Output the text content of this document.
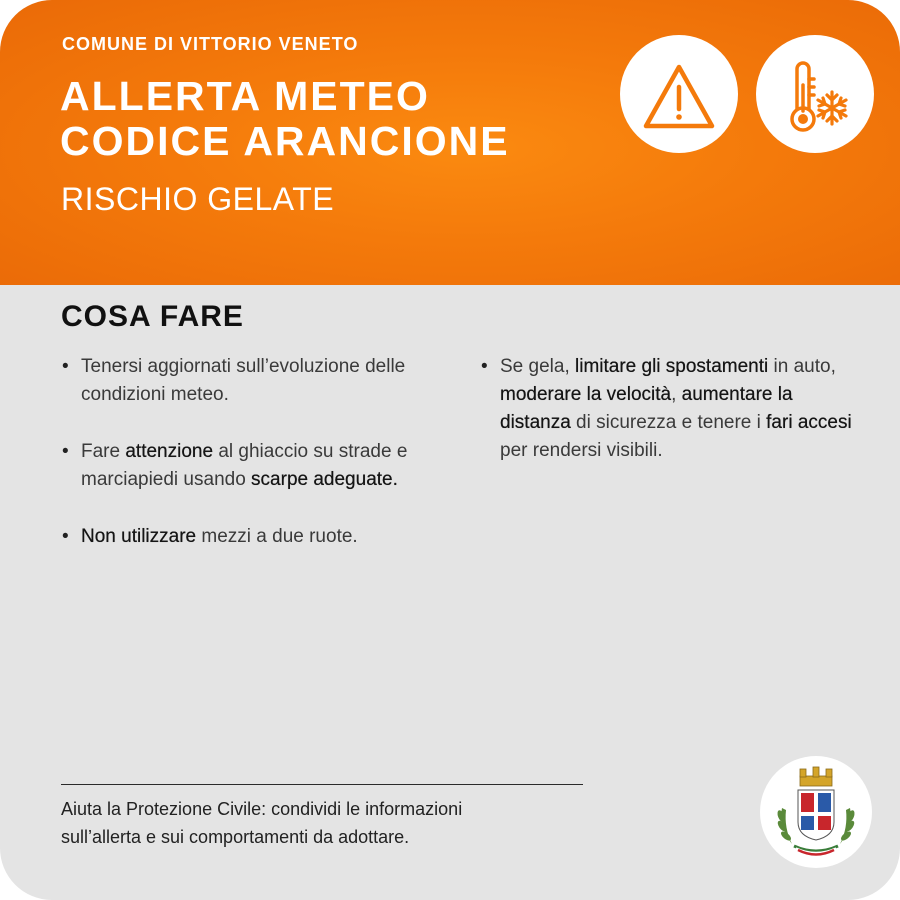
COMUNE DI VITTORIO VENETO
ALLERTA METEO
CODICE ARANCIONE
RISCHIO GELATE
COSA FARE
• Tenersi aggiornati sull’evoluzione delle condizioni meteo.
• Fare attenzione al ghiaccio su strade e marciapiedi usando scarpe adeguate.
• Non utilizzare mezzi a due ruote.
• Se gela, limitare gli spostamenti in auto, moderare la velocità, aumentare la distanza di sicurezza e tenere i fari accesi per rendersi visibili.
Aiuta la Protezione Civile: condividi le informazioni
sull’allerta e sui comportamenti da adottare.
